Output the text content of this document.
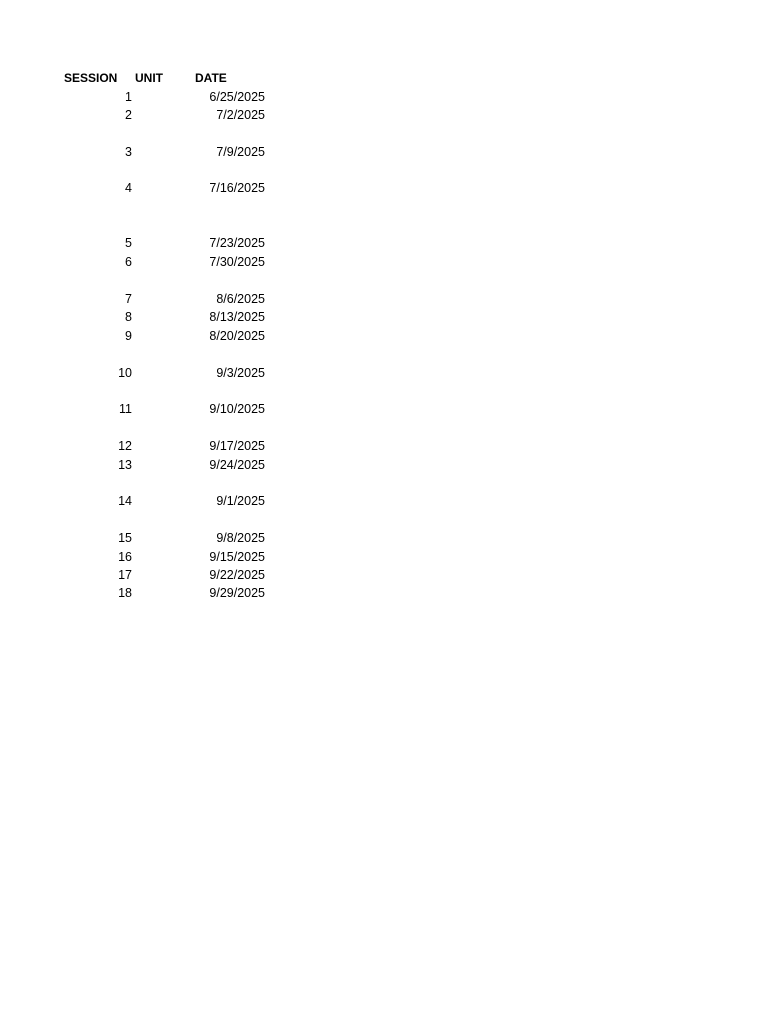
SESSION UNIT	DATE
1	6/25/2025
2	7/2/2025
3	7/9/2025
4	7/16/2025
5	7/23/2025
6	7/30/2025
7	8/6/2025
8	8/13/2025
9	8/20/2025
10	9/3/2025
11	9/10/2025
12	9/17/2025
13	9/24/2025
14	9/1/2025
15	9/8/2025
16	9/15/2025
17	9/22/2025
18	9/29/2025
